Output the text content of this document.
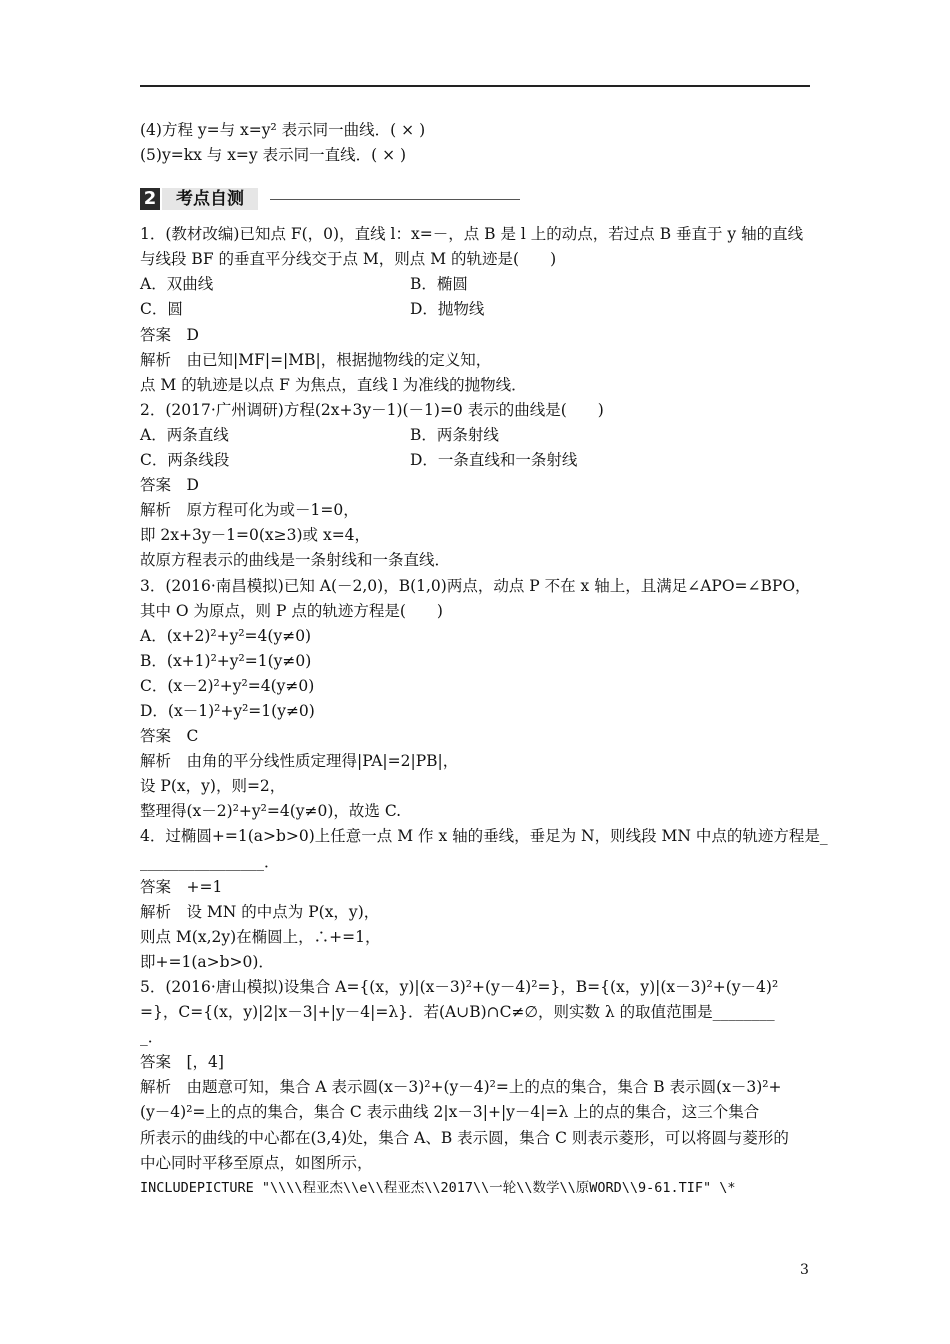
(4)方程 y=与 x=y² 表示同一曲线．( × )
(5)y=kx 与 x=y 表示同一直线．( × )
2	考点自测
1．(教材改编)已知点 F(，0)，直线 l：x=－，点 B 是 l 上的动点，若过点 B 垂直于 y 轴的直线
与线段 BF 的垂直平分线交于点 M，则点 M 的轨迹是(　　)
A．双曲线	B．椭圆
C．圆	D．抛物线
答案　D
解析　由已知|MF|=|MB|，根据抛物线的定义知，
点 M 的轨迹是以点 F 为焦点，直线 l 为准线的抛物线．
2．(2017·广州调研)方程(2x+3y－1)(－1)=0 表示的曲线是(　　)
A．两条直线	B．两条射线
C．两条线段	D．一条直线和一条射线
答案　D
解析　原方程可化为或－1=0，
即 2x+3y－1=0(x≥3)或 x=4，
故原方程表示的曲线是一条射线和一条直线．
3．(2016·南昌模拟)已知 A(－2,0)，B(1,0)两点，动点 P 不在 x 轴上，且满足∠APO=∠BPO，
其中 O 为原点，则 P 点的轨迹方程是(　　)
A．(x+2)²+y²=4(y≠0)
B．(x+1)²+y²=1(y≠0)
C．(x－2)²+y²=4(y≠0)
D．(x－1)²+y²=1(y≠0)
答案　C
解析　由角的平分线性质定理得|PA|=2|PB|，
设 P(x，y)，则=2，
整理得(x－2)²+y²=4(y≠0)，故选 C.
4．过椭圆+=1(a>b>0)上任意一点 M 作 x 轴的垂线，垂足为 N，则线段 MN 中点的轨迹方程是_
________________．
答案　+=1
解析　设 MN 的中点为 P(x，y)，
则点 M(x,2y)在椭圆上，∴+=1，
即+=1(a>b>0)．
5．(2016·唐山模拟)设集合 A={(x，y)|(x－3)²+(y－4)²=}，B={(x，y)|(x－3)²+(y－4)²
=}，C={(x，y)|2|x－3|+|y－4|=λ}．若(A∪B)∩C≠∅，则实数 λ 的取值范围是________
_．
答案　[，4]
解析　由题意可知，集合 A 表示圆(x－3)²+(y－4)²=上的点的集合，集合 B 表示圆(x－3)²+
(y－4)²=上的点的集合，集合 C 表示曲线 2|x－3|+|y－4|=λ 上的点的集合，这三个集合
所表示的曲线的中心都在(3,4)处，集合 A、B 表示圆，集合 C 则表示菱形，可以将圆与菱形的
中心同时平移至原点，如图所示，
INCLUDEPICTURE "\\\\程亚杰\\e\\程亚杰\\2017\\一轮\\数学\\原WORD\\9-61.TIF" \*
3
